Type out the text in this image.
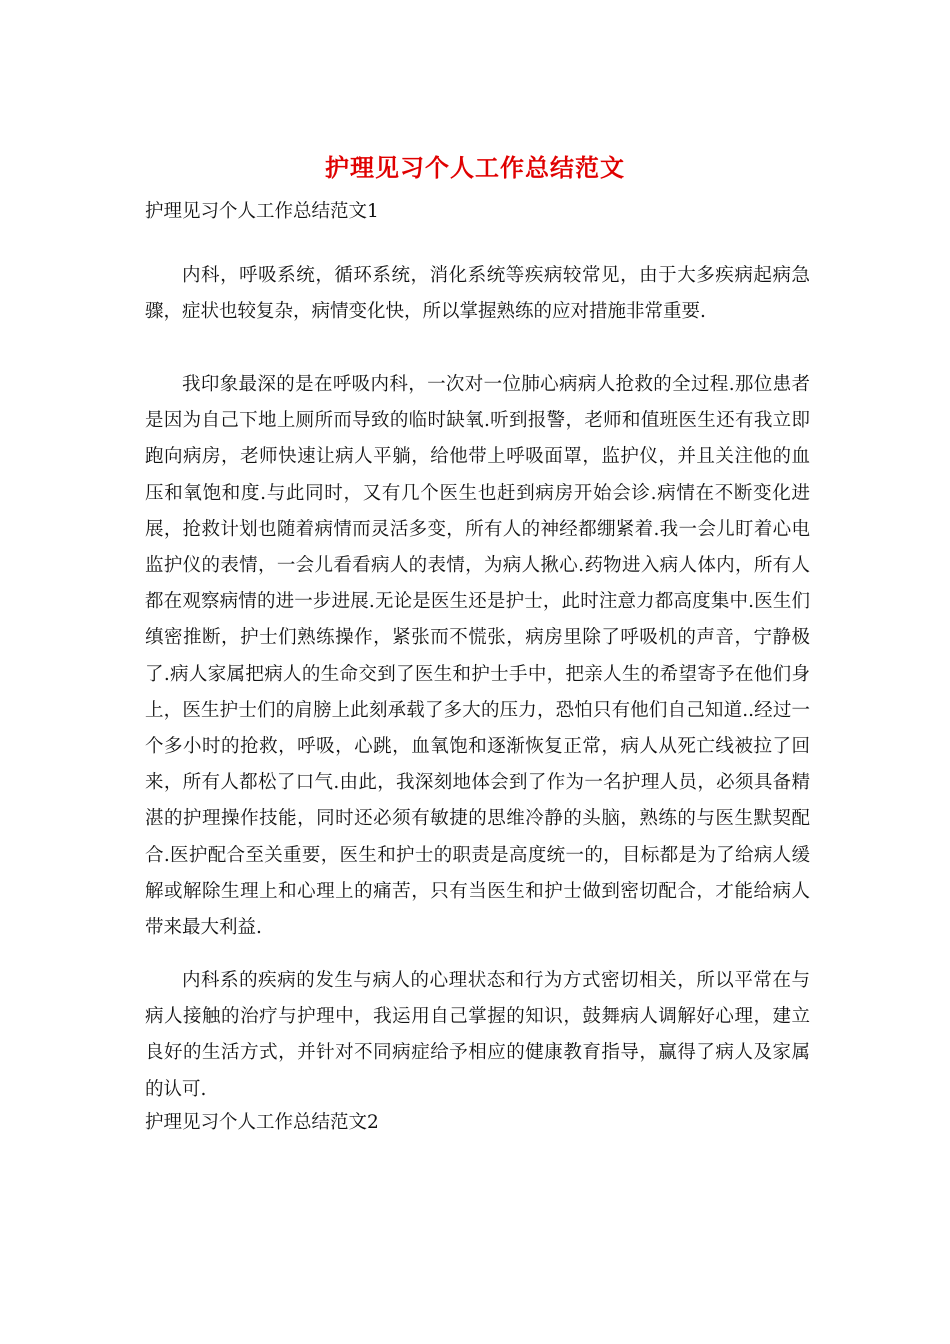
护理见习个人工作总结范文
护理见习个人工作总结范文1

内科，呼吸系统，循环系统，消化系统等疾病较常见，由于大多疾病起病急骤，症状也较复杂，病情变化快，所以掌握熟练的应对措施非常重要.

我印象最深的是在呼吸内科，一次对一位肺心病病人抢救的全过程.那位患者是因为自己下地上厕所而导致的临时缺氧.听到报警，老师和值班医生还有我立即跑向病房，老师快速让病人平躺，给他带上呼吸面罩，监护仪，并且关注他的血压和氧饱和度.与此同时，又有几个医生也赶到病房开始会诊.病情在不断变化进展，抢救计划也随着病情而灵活多变，所有人的神经都绷紧着.我一会儿盯着心电监护仪的表情，一会儿看看病人的表情，为病人揪心.药物进入病人体内，所有人都在观察病情的进一步进展.无论是医生还是护士，此时注意力都高度集中.医生们缜密推断，护士们熟练操作，紧张而不慌张，病房里除了呼吸机的声音，宁静极了.病人家属把病人的生命交到了医生和护士手中，把亲人生的希望寄予在他们身上，医生护士们的肩膀上此刻承载了多大的压力，恐怕只有他们自己知道..经过一个多小时的抢救，呼吸，心跳，血氧饱和逐渐恢复正常，病人从死亡线被拉了回来，所有人都松了口气.由此，我深刻地体会到了作为一名护理人员，必须具备精湛的护理操作技能，同时还必须有敏捷的思维冷静的头脑，熟练的与医生默契配合.医护配合至关重要，医生和护士的职责是高度统一的，目标都是为了给病人缓解或解除生理上和心理上的痛苦，只有当医生和护士做到密切配合，才能给病人带来最大利益.

内科系的疾病的发生与病人的心理状态和行为方式密切相关，所以平常在与病人接触的治疗与护理中，我运用自己掌握的知识，鼓舞病人调解好心理，建立良好的生活方式，并针对不同病症给予相应的健康教育指导，赢得了病人及家属的认可.

护理见习个人工作总结范文2
